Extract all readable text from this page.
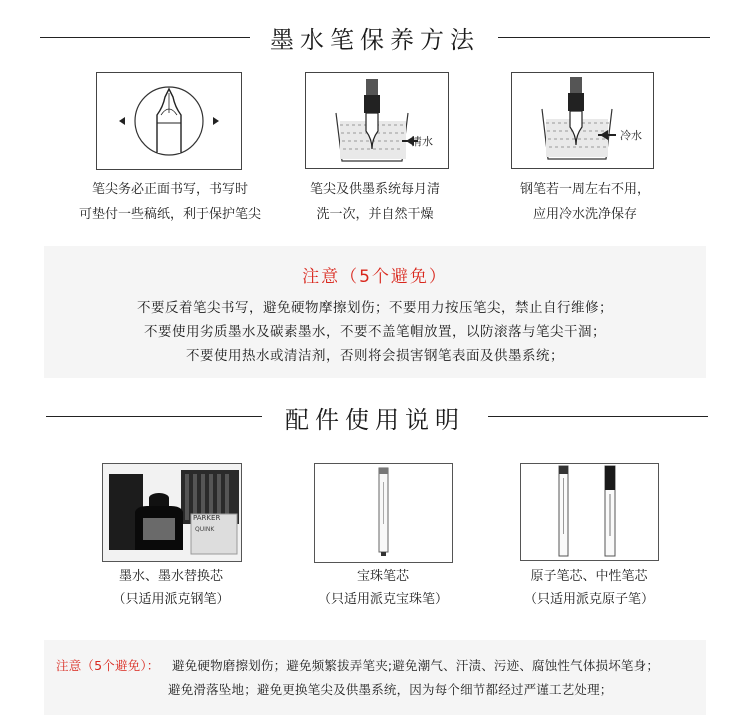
墨水笔保养方法
清水	冷水
笔尖务必正面书写，书写时
可垫付一些稿纸，利于保护笔尖
笔尖及供墨系统每月清
洗一次，并自然干燥
钢笔若一周左右不用，
应用冷水洗净保存
注意（5个避免）
不要反着笔尖书写，避免硬物摩擦划伤；不要用力按压笔尖，禁止自行维修；
不要使用劣质墨水及碳素墨水，不要不盖笔帽放置，以防滚落与笔尖干涸；
不要使用热水或清洁剂，否则将会损害钢笔表面及供墨系统；
配件使用说明
PARKER
QUINK
墨水、墨水替换芯
（只适用派克钢笔）
宝珠笔芯
（只适用派克宝珠笔）
原子笔芯、中性笔芯
（只适用派克原子笔）
注意（5个避免）： 避免硬物磨擦划伤；避免频繁拔弄笔夹;避免潮气、汗渍、污迹、腐蚀性气体损坏笔身；
避免滑落坠地；避免更换笔尖及供墨系统，因为每个细节都经过严谨工艺处理；
